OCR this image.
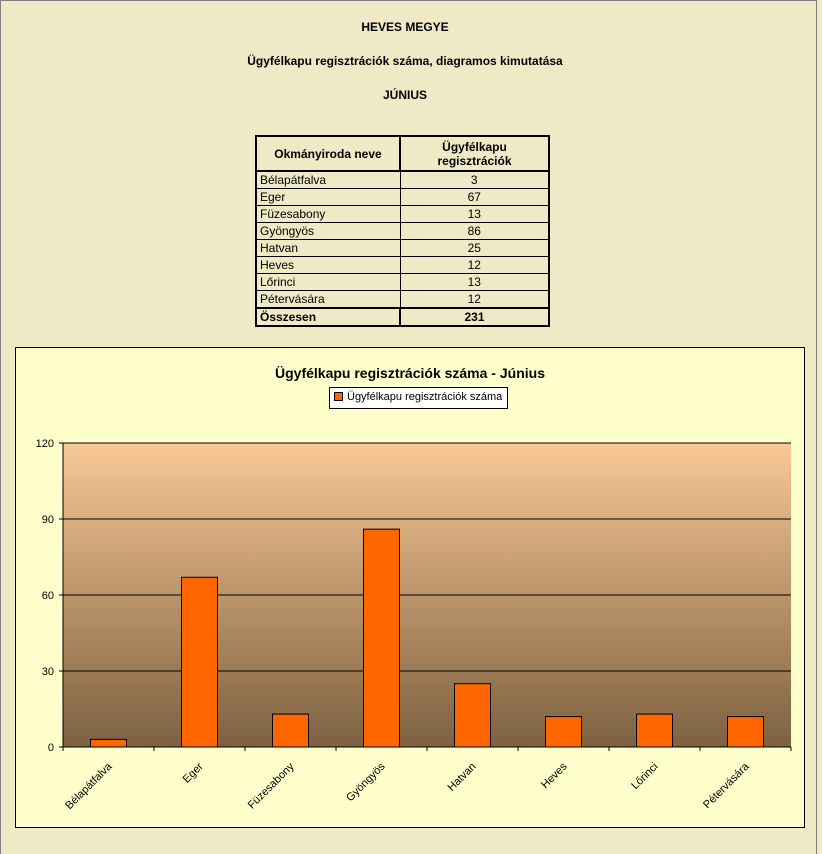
HEVES MEGYE
Ügyfélkapu regisztrációk száma, diagramos kimutatása
JÚNIUS
Okmányiroda neve	Ügyfélkapu regisztrációk
Bélapátfalva	3
Eger	67
Füzesabony	13
Gyöngyös	86
Hatvan	25
Heves	12
Lőrinci	13
Pétervására	12
Összesen	231
Ügyfélkapu regisztrációk száma - Június
Ügyfélkapu regisztrációk száma
0
30
60
90
120
Bélapátfalva	Eger	Füzesabony	Gyöngyös	Hatvan	Heves	Lőrinci	Pétervására
